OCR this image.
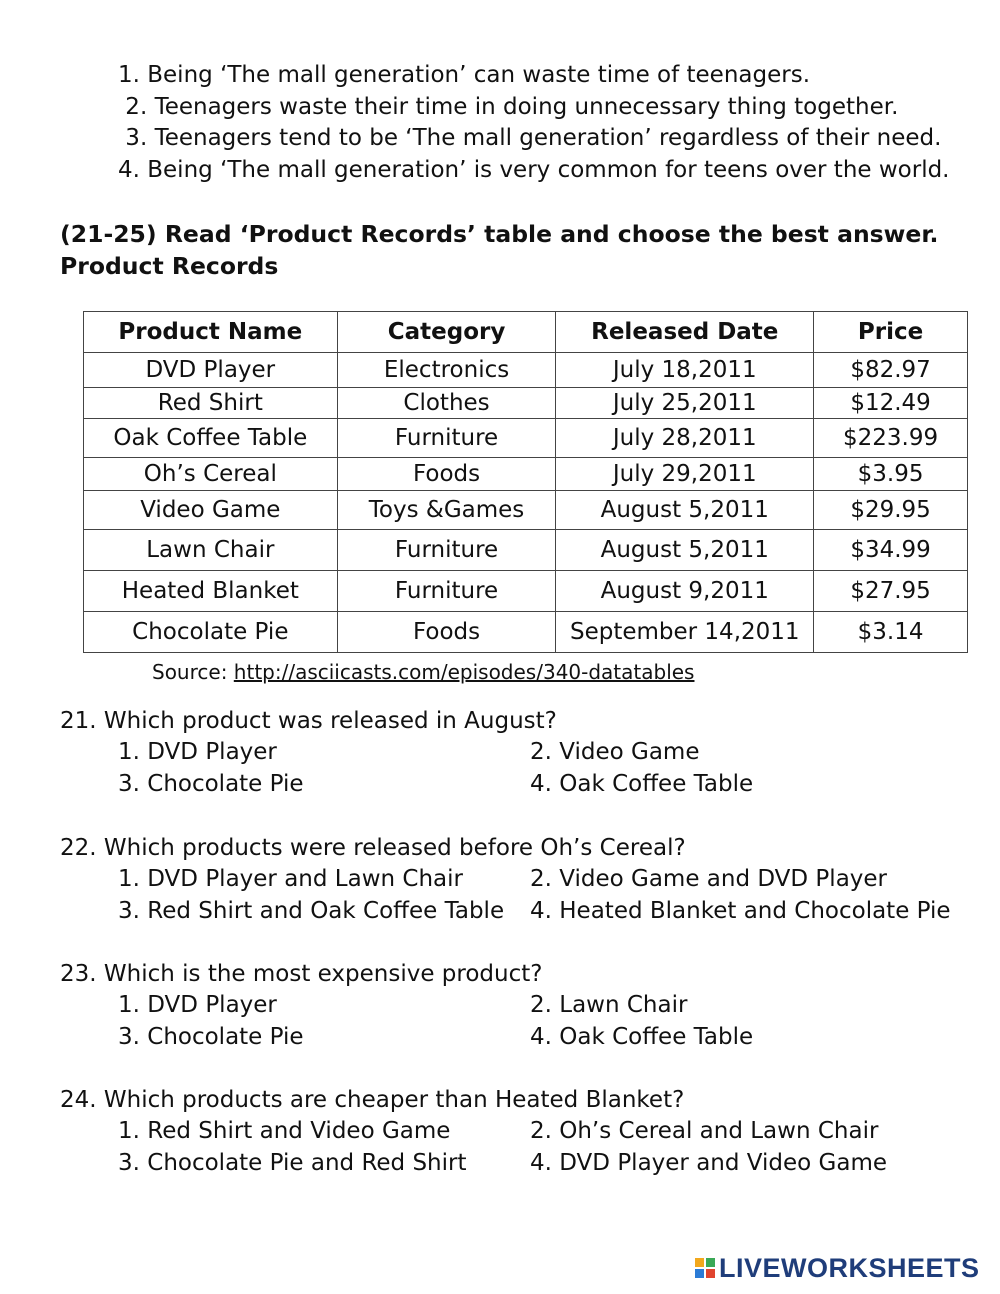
1. Being ‘The mall generation’ can waste time of teenagers.
2. Teenagers waste their time in doing unnecessary thing together.
3. Teenagers tend to be ‘The mall generation’ regardless of their need.
4. Being ‘The mall generation’ is very common for teens over the world.
(21-25) Read ‘Product Records’ table and choose the best answer.
Product Records
Product Name	Category	Released Date	Price
DVD Player	Electronics	July 18,2011	$82.97
Red Shirt	Clothes	July 25,2011	$12.49
Oak Coffee Table	Furniture	July 28,2011	$223.99
Oh’s Cereal	Foods	July 29,2011	$3.95
Video Game	Toys &Games	August 5,2011	$29.95
Lawn Chair	Furniture	August 5,2011	$34.99
Heated Blanket	Furniture	August 9,2011	$27.95
Chocolate Pie	Foods	September 14,2011	$3.14
Source: http://asciicasts.com/episodes/340-datatables
21. Which product was released in August?
1. DVD Player	2. Video Game
3. Chocolate Pie	4. Oak Coffee Table
22. Which products were released before Oh’s Cereal?
1. DVD Player and Lawn Chair	2. Video Game and DVD Player
3. Red Shirt and Oak Coffee Table 4. Heated Blanket and Chocolate Pie
23. Which is the most expensive product?
1. DVD Player	2. Lawn Chair
3. Chocolate Pie	4. Oak Coffee Table
24. Which products are cheaper than Heated Blanket?
1. Red Shirt and Video Game	2. Oh’s Cereal and Lawn Chair
3. Chocolate Pie and Red Shirt	4. DVD Player and Video Game
LIVEWORKSHEETS
